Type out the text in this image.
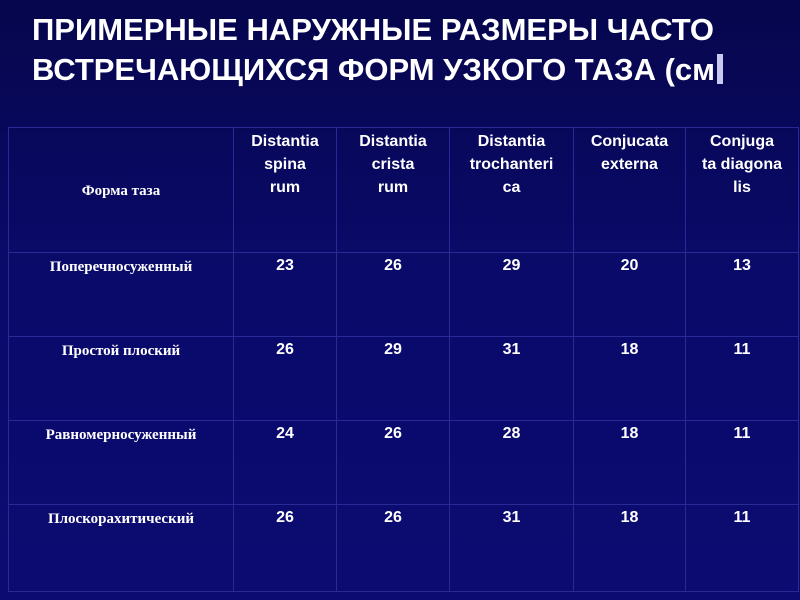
ПРИМЕРНЫЕ НАРУЖНЫЕ РАЗМЕРЫ ЧАСТО
ВСТРЕЧАЮЩИХСЯ ФОРМ УЗКОГО ТАЗА (см
Форма таза	Distantia
spina
rum	Distantia
crista
rum	Distantia
trochanteri
ca	Conjucata
externa	Conjuga
ta diagona
lis

Поперечносуженный	23	26	29	20	13
Простой плоский	26	29	31	18	11
Равномерносуженный	24	26	28	18	11
Плоскорахитический	26	26	31	18	11
